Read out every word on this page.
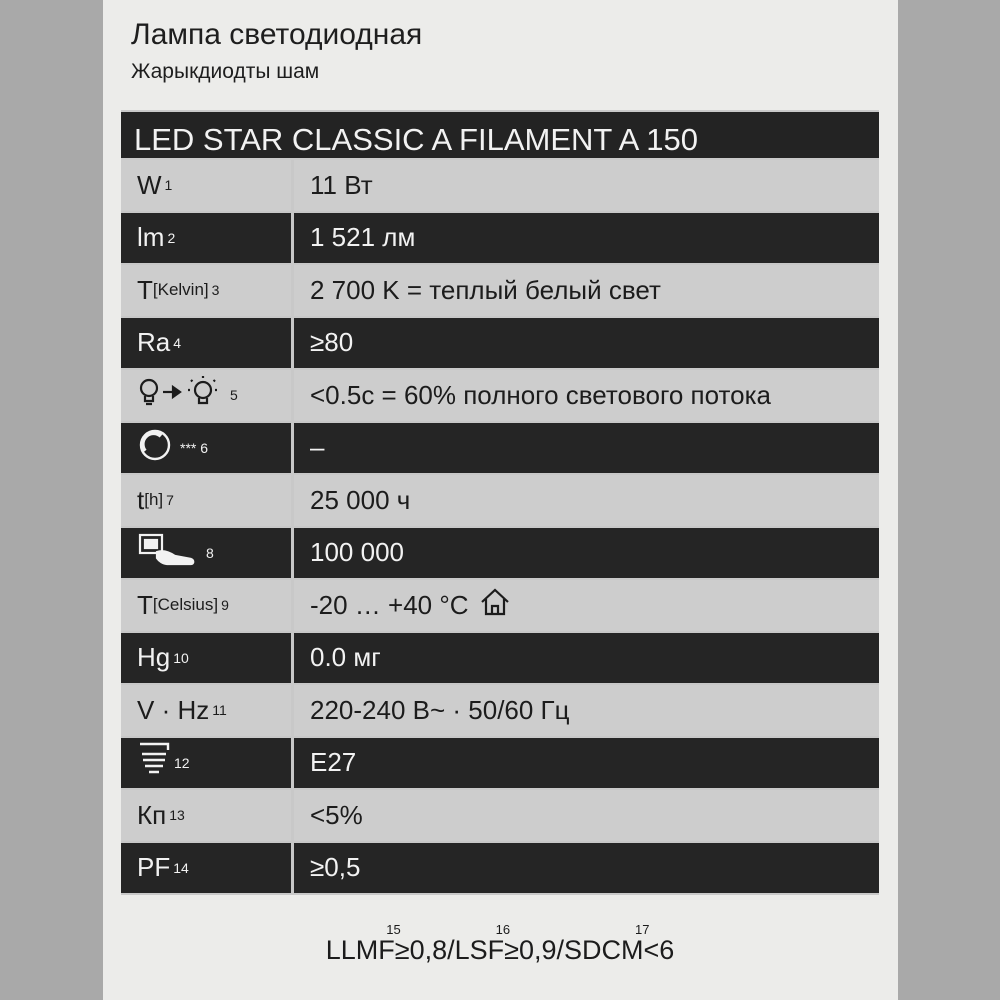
Лампа светодиодная
Жарыкдиодты шам
LED STAR CLASSIC A FILAMENT A 150
W 1	11 Вт
lm 2	1 521 лм
T [Kelvin] 3	2 700 K = теплый белый свет
Ra 4	≥80
5	<0.5с = 60% полного светового потока
*** 6	–
t [h] 7	25 000 ч
8	100 000
T [Celsius] 9	-20 … +40 °C
Hg 10	0.0 мг
V · Hz 11	220-240 В~ · 50/60 Гц
12	E27
Кп 13	<5%
PF 14	≥0,5
LLMF
15
≥0,8/LSF
16
≥0,9/SDCM
17
<6
